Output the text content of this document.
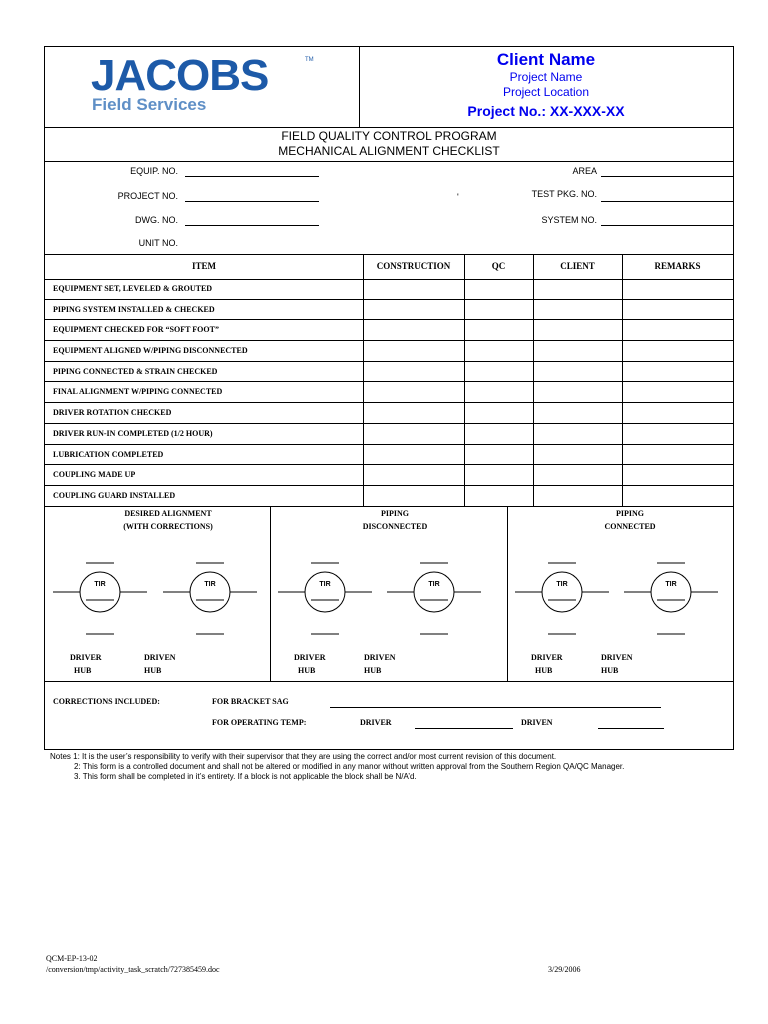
JACOBS	TM
Field Services
Client Name
Project Name
Project Location
Project No.: XX-XXX-XX
FIELD QUALITY CONTROL PROGRAM
MECHANICAL ALIGNMENT CHECKLIST
EQUIP. NO.
PROJECT NO.
DWG. NO.
UNIT NO.
AREA
TEST PKG. NO.
SYSTEM NO.
'
ITEM	CONSTRUCTION	QC	CLIENT	REMARKS
EQUIPMENT SET, LEVELED & GROUTED
PIPING SYSTEM INSTALLED & CHECKED
EQUIPMENT CHECKED FOR “SOFT FOOT”
EQUIPMENT ALIGNED W/PIPING DISCONNECTED
PIPING CONNECTED & STRAIN CHECKED
FINAL ALIGNMENT W/PIPING CONNECTED
DRIVER ROTATION CHECKED
DRIVER RUN-IN COMPLETED (1/2 HOUR)
LUBRICATION COMPLETED
COUPLING MADE UP
COUPLING GUARD INSTALLED
DESIRED ALIGNMENT
(WITH CORRECTIONS)
PIPING
DISCONNECTED
PIPING
CONNECTED
TIR	TIR	TIR	TIR	TIR	TIR
DRIVER
HUB
DRIVEN
HUB
DRIVER
HUB
DRIVEN
HUB
DRIVER
HUB
DRIVEN
HUB
CORRECTIONS INCLUDED:	FOR BRACKET SAG
FOR OPERATING TEMP:	DRIVER	DRIVEN
Notes 1: It is the user’s responsibility to verify with their supervisor that they are using the correct and/or most current revision of this document.
2: This form is a controlled document and shall not be altered or modified in any manor without written approval from the Southern Region QA/QC Manager.
3. This form shall be completed in it’s entirety. If a block is not applicable the block shall be N/A’d.
QCM-EP-13-02
/conversion/tmp/activity_task_scratch/727385459.doc	3/29/2006
